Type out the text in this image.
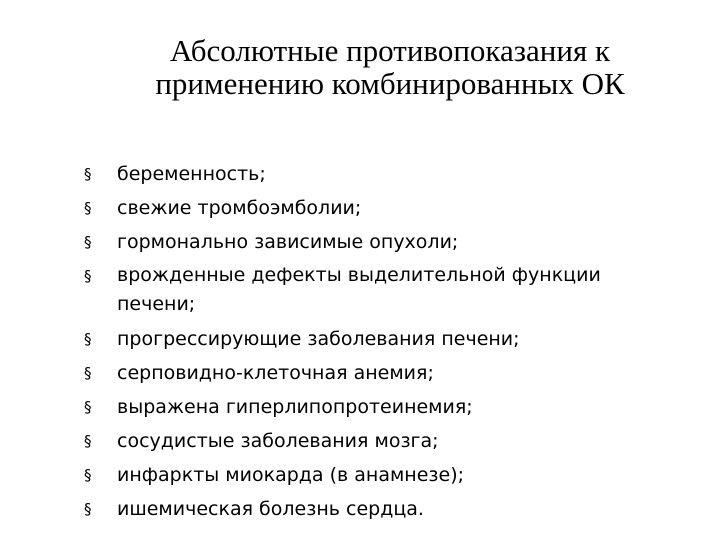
Абсолютные противопоказания к
применению комбинированных ОК
§	беременность;
§	свежие тромбоэмболии;
§	гормонально зависимые опухоли;
§	врожденные дефекты выделительной функции
печени;
§	прогрессирующие заболевания печени;
§	серповидно-клеточная анемия;
§	выражена гиперлипопротеинемия;
§	сосудистые заболевания мозга;
§	инфаркты миокарда (в анамнезе);
§	ишемическая болезнь сердца.
